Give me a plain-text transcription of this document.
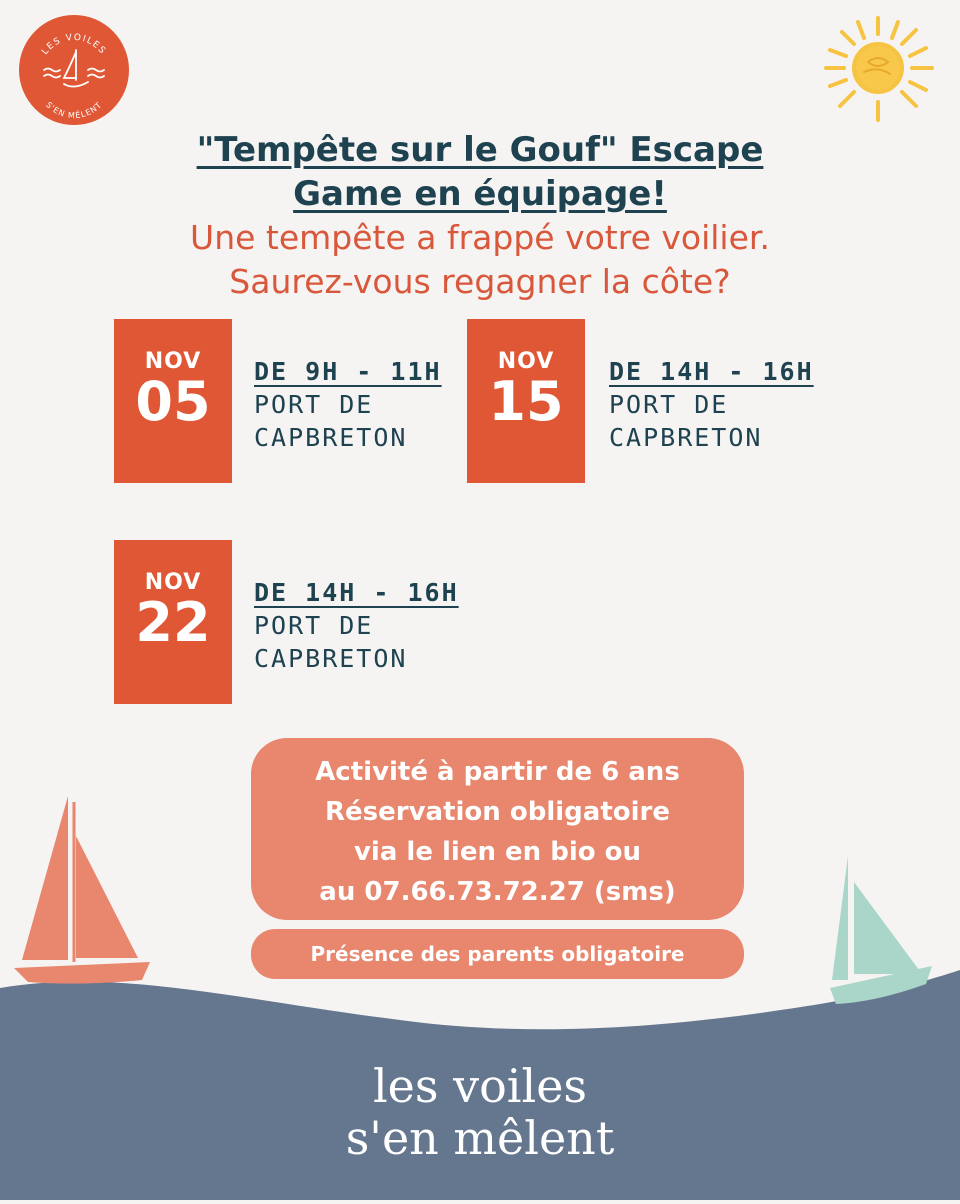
LES VOILES
S'EN MÊLENT
"Tempête sur le Gouf" Escape
Game en équipage!
Une tempête a frappé votre voilier.
Saurez-vous regagner la côte?
NOV
05	DE 9H - 11H
PORT DE
CAPBRETON
NOV
15	DE 14H - 16H
PORT DE
CAPBRETON
NOV
22	DE 14H - 16H
PORT DE
CAPBRETON
Activité à partir de 6 ans
Réservation obligatoire
via le lien en bio ou
au 07.66.73.72.27 (sms)
Présence des parents obligatoire
les voiles
s'en mêlent
